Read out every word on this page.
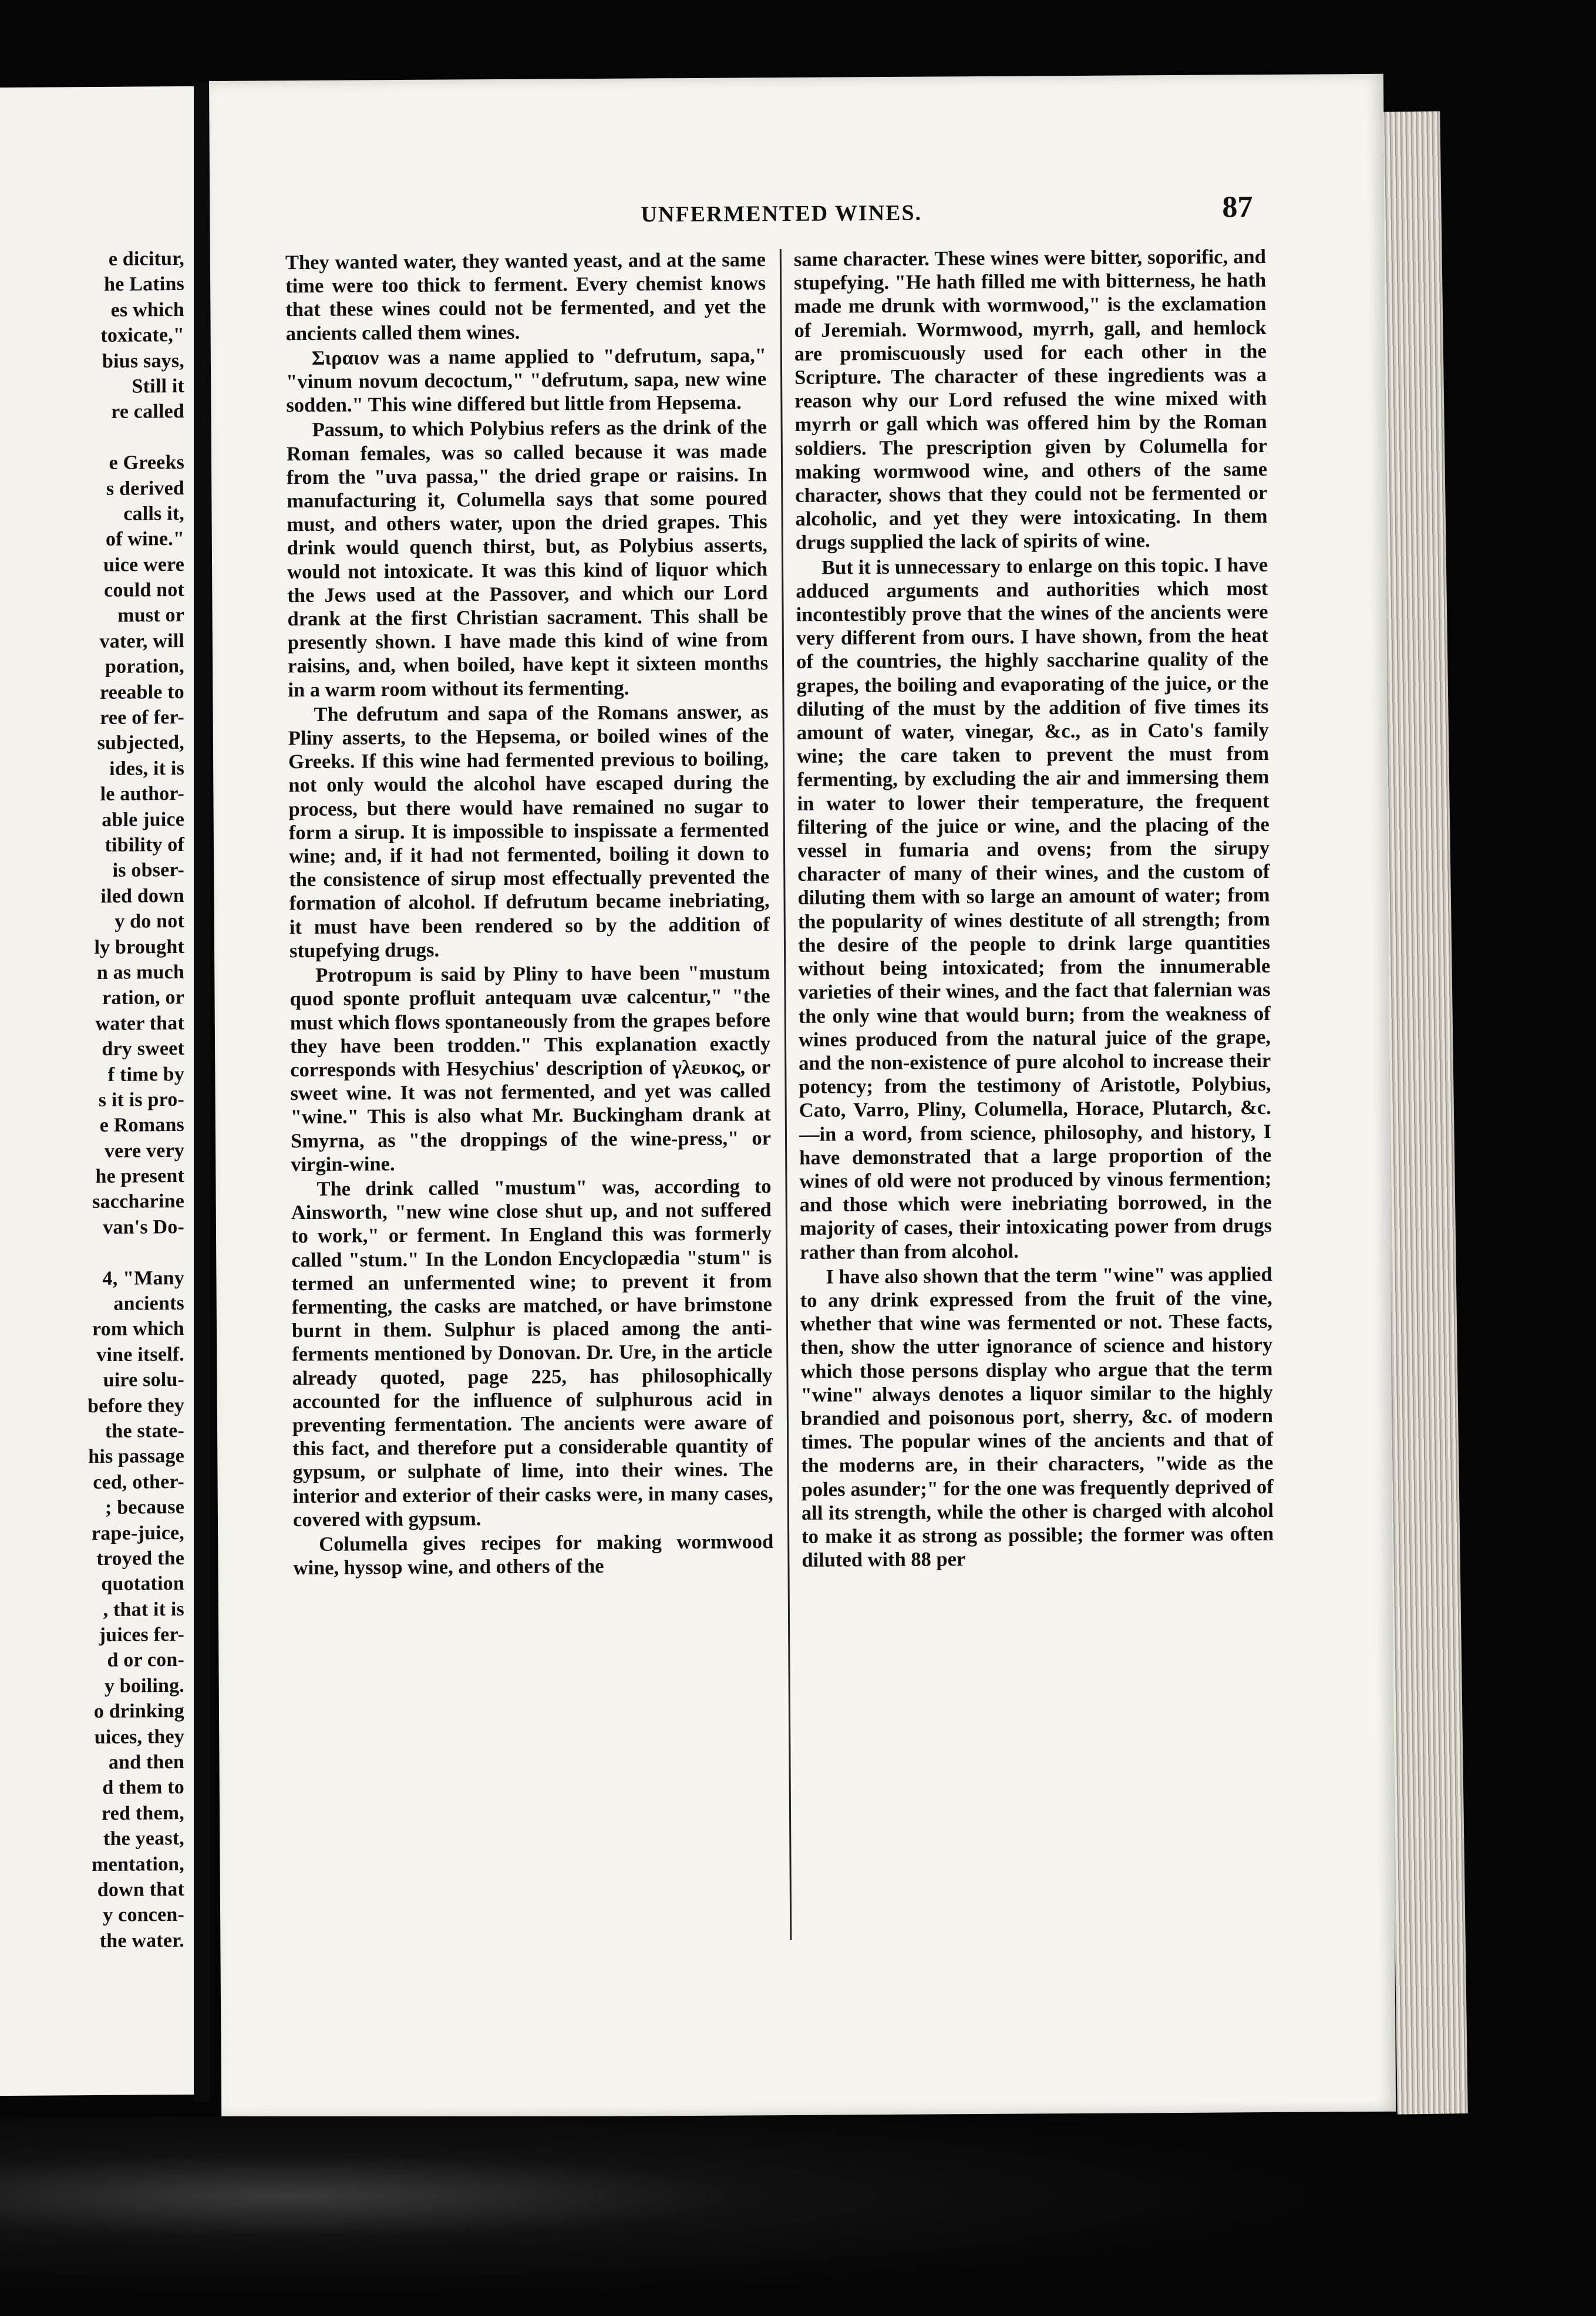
e dicitur,
he Latins
es which
toxicate,"
bius says,
Still it
re called
e Greeks
s derived
calls it,
of wine."
uice were
could not
must or
vater, will
poration,
reeable to
ree of fer-
subjected,
ides, it is
le author-
able juice
tibility of
is obser-
iled down
y do not
ly brought
n as much
ration, or
water that
dry sweet
f time by
s it is pro-
e Romans
vere very
he present
saccharine
van's Do-
4, "Many
ancients
rom which
vine itself.
uire solu-
before they
the state-
his passage
ced, other-
; because
rape-juice,
troyed the
quotation
, that it is
juices fer-
d or con-
y boiling.
o drinking
uices, they
and then
d them to
red them,
the yeast,
mentation,
down that
y concen-
the water.
UNFERMENTED WINES.	87

They wanted water, they wanted yeast, and at the same time were too thick to ferment. Every chemist knows that these wines could not be fermented, and yet the ancients called them wines.

Σιραιον was a name applied to "defrutum, sapa," "vinum novum decoctum," "defrutum, sapa, new wine sodden." This wine differed but little from Hepsema.

Passum, to which Polybius refers as the drink of the Roman females, was so called because it was made from the "uva passa," the dried grape or raisins. In manufacturing it, Columella says that some poured must, and others water, upon the dried grapes. This drink would quench thirst, but, as Polybius asserts, would not intoxicate. It was this kind of liquor which the Jews used at the Passover, and which our Lord drank at the first Christian sacrament. This shall be presently shown. I have made this kind of wine from raisins, and, when boiled, have kept it sixteen months in a warm room without its fermenting.

The defrutum and sapa of the Romans answer, as Pliny asserts, to the Hepsema, or boiled wines of the Greeks. If this wine had fermented previous to boiling, not only would the alcohol have escaped during the process, but there would have remained no sugar to form a sirup. It is impossible to inspissate a fermented wine; and, if it had not fermented, boiling it down to the consistence of sirup most effectually prevented the formation of alcohol. If defrutum became inebriating, it must have been rendered so by the addition of stupefying drugs.

Protropum is said by Pliny to have been "mustum quod sponte profluit antequam uvæ calcentur," "the must which flows spontaneously from the grapes before they have been trodden." This explanation exactly corresponds with Hesychius' description of γλευκος, or sweet wine. It was not fermented, and yet was called "wine." This is also what Mr. Buckingham drank at Smyrna, as "the droppings of the wine-press," or virgin-wine.

The drink called "mustum" was, according to Ainsworth, "new wine close shut up, and not suffered to work," or ferment. In England this was formerly called "stum." In the London Encyclopædia "stum" is termed an unfermented wine; to prevent it from fermenting, the casks are matched, or have brimstone burnt in them. Sulphur is placed among the anti-ferments mentioned by Donovan. Dr. Ure, in the article already quoted, page 225, has philosophically accounted for the influence of sulphurous acid in preventing fermentation. The ancients were aware of this fact, and therefore put a considerable quantity of gypsum, or sulphate of lime, into their wines. The interior and exterior of their casks were, in many cases, covered with gypsum.

Columella gives recipes for making wormwood wine, hyssop wine, and others of the

same character. These wines were bitter, soporific, and stupefying. "He hath filled me with bitterness, he hath made me drunk with wormwood," is the exclamation of Jeremiah. Wormwood, myrrh, gall, and hemlock are promiscuously used for each other in the Scripture. The character of these ingredients was a reason why our Lord refused the wine mixed with myrrh or gall which was offered him by the Roman soldiers. The prescription given by Columella for making wormwood wine, and others of the same character, shows that they could not be fermented or alcoholic, and yet they were intoxicating. In them drugs supplied the lack of spirits of wine.

But it is unnecessary to enlarge on this topic. I have adduced arguments and authorities which most incontestibly prove that the wines of the ancients were very different from ours. I have shown, from the heat of the countries, the highly saccharine quality of the grapes, the boiling and evaporating of the juice, or the diluting of the must by the addition of five times its amount of water, vinegar, &c., as in Cato's family wine; the care taken to prevent the must from fermenting, by excluding the air and immersing them in water to lower their temperature, the frequent filtering of the juice or wine, and the placing of the vessel in fumaria and ovens; from the sirupy character of many of their wines, and the custom of diluting them with so large an amount of water; from the popularity of wines destitute of all strength; from the desire of the people to drink large quantities without being intoxicated; from the innumerable varieties of their wines, and the fact that falernian was the only wine that would burn; from the weakness of wines produced from the natural juice of the grape, and the non-existence of pure alcohol to increase their potency; from the testimony of Aristotle, Polybius, Cato, Varro, Pliny, Columella, Horace, Plutarch, &c.—in a word, from science, philosophy, and history, I have demonstrated that a large proportion of the wines of old were not produced by vinous fermention; and those which were inebriating borrowed, in the majority of cases, their intoxicating power from drugs rather than from alcohol.

I have also shown that the term "wine" was applied to any drink expressed from the fruit of the vine, whether that wine was fermented or not. These facts, then, show the utter ignorance of science and history which those persons display who argue that the term "wine" always denotes a liquor similar to the highly brandied and poisonous port, sherry, &c. of modern times. The popular wines of the ancients and that of the moderns are, in their characters, "wide as the poles asunder;" for the one was frequently deprived of all its strength, while the other is charged with alcohol to make it as strong as possible; the former was often diluted with 88 per
